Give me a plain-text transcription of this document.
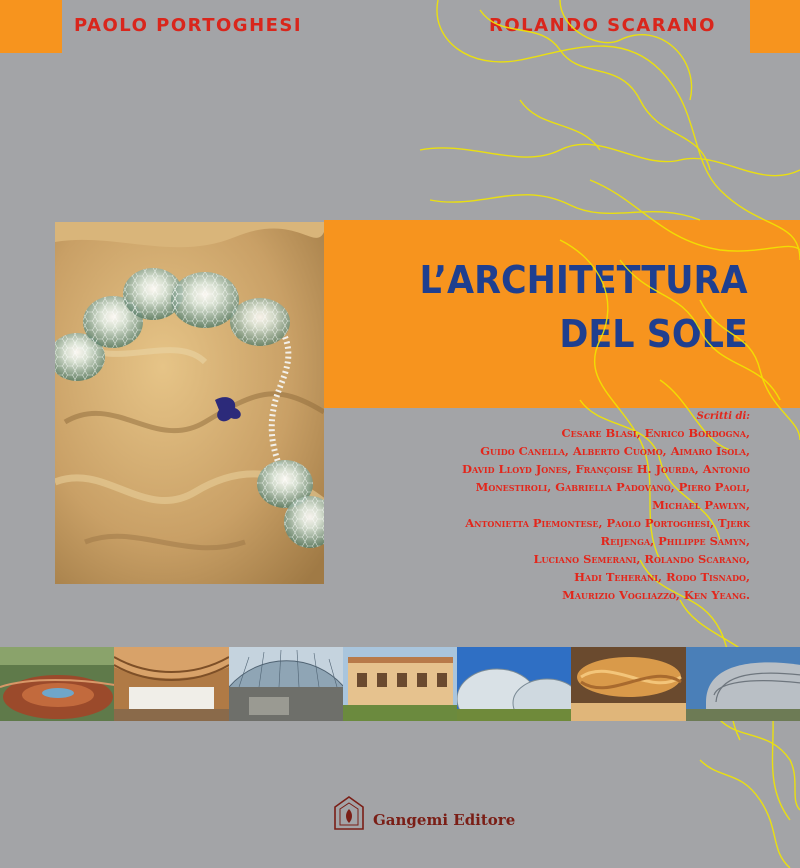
PAOLO PORTOGHESI	ROLANDO SCARANO
L’ARCHITETTURA
DEL SOLE
Scritti di:
Cesare Blasi, Enrico Bordogna,
Guido Canella, Alberto Cuomo, Aimaro Isola,
David Lloyd Jones, Françoise H. Jourda, Antonio
Monestiroli, Gabriella Padovano, Piero Paoli,
Michael Pawlyn,
Antonietta Piemontese, Paolo Portoghesi, Tjerk
Reijenga, Philippe Samyn,
Luciano Semerani, Rolando Scarano,
Hadi Teherani, Rodo Tisnado,
Maurizio Vogliazzo, Ken Yeang.
Gangemi Editore
